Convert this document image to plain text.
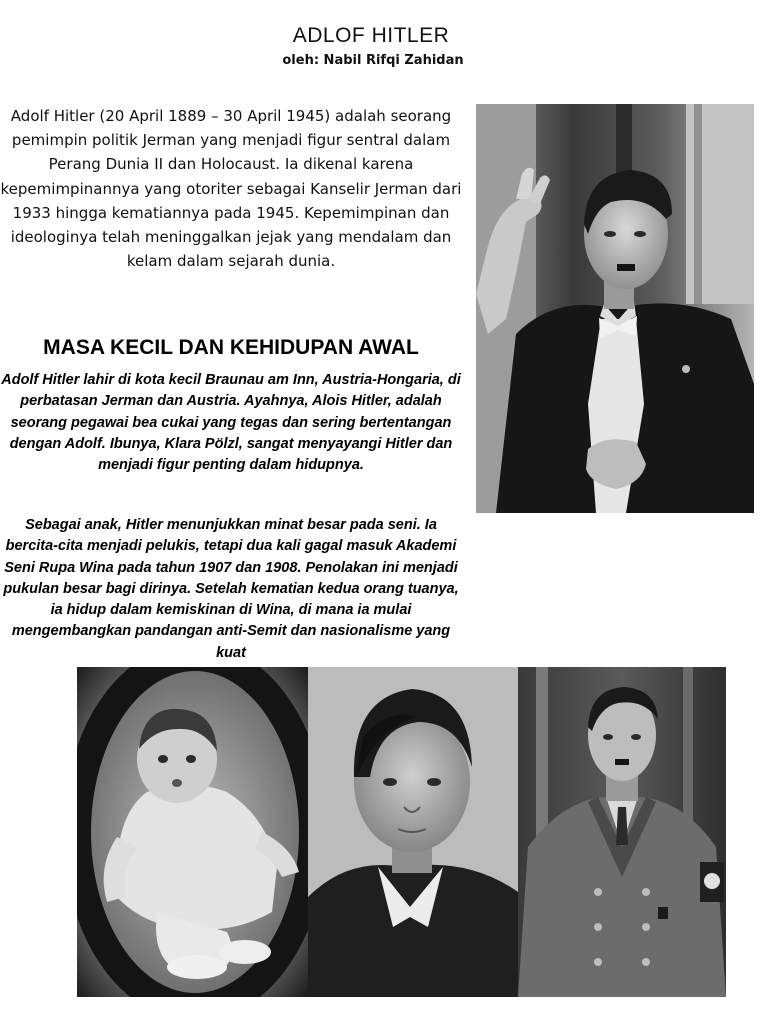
ADLOF HITLER
oleh: Nabil Rifqi Zahidan
Adolf Hitler (20 April 1889 – 30 April 1945) adalah seorang pemimpin politik Jerman yang menjadi figur sentral dalam Perang Dunia II dan Holocaust. Ia dikenal karena kepemimpinannya yang otoriter sebagai Kanselir Jerman dari 1933 hingga kematiannya pada 1945. Kepemimpinan dan ideologinya telah meninggalkan jejak yang mendalam dan kelam dalam sejarah dunia.
MASA KECIL DAN KEHIDUPAN AWAL

Adolf Hitler lahir di kota kecil Braunau am Inn, Austria-Hongaria, di perbatasan Jerman dan Austria. Ayahnya, Alois Hitler, adalah seorang pegawai bea cukai yang tegas dan sering bertentangan dengan Adolf. Ibunya, Klara Pölzl, sangat menyayangi Hitler dan menjadi figur penting dalam hidupnya.

Sebagai anak, Hitler menunjukkan minat besar pada seni. Ia bercita-cita menjadi pelukis, tetapi dua kali gagal masuk Akademi Seni Rupa Wina pada tahun 1907 dan 1908. Penolakan ini menjadi pukulan besar bagi dirinya. Setelah kematian kedua orang tuanya, ia hidup dalam kemiskinan di Wina, di mana ia mulai mengembangkan pandangan anti-Semit dan nasionalisme yang kuat
